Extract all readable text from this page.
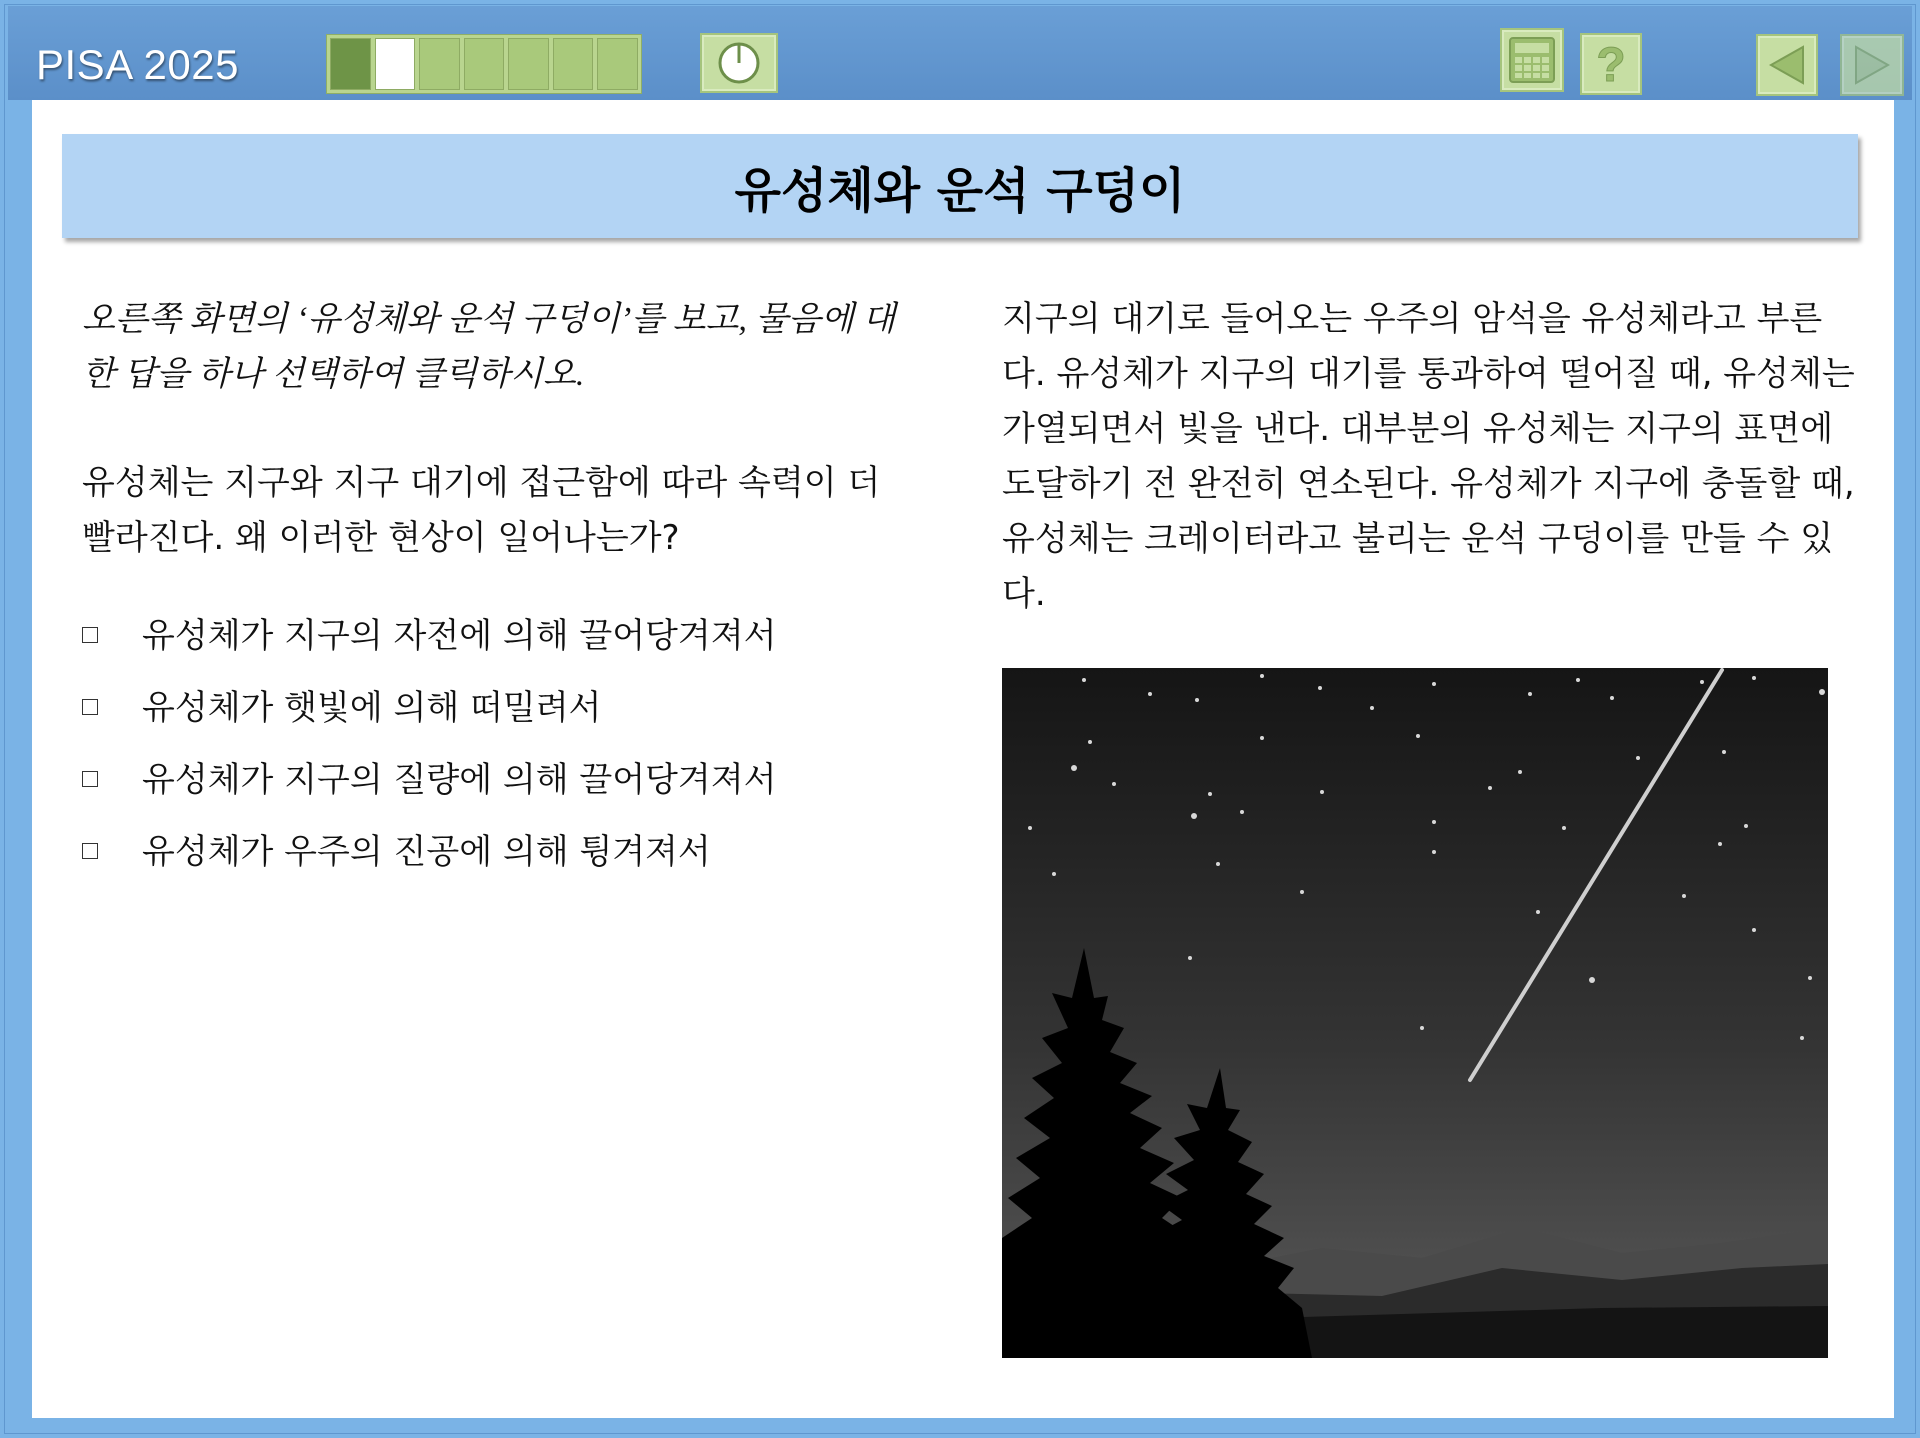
PISA 2025	?
유성체와 운석 구덩이

오른쪽 화면의 ‘유성체와 운석 구덩이’를 보고, 물음에 대한 답을 하나 선택하여 클릭하시오.

유성체는 지구와 지구 대기에 접근함에 따라 속력이 더 빨라진다. 왜 이러한 현상이 일어나는가?

유성체가 지구의 자전에 의해 끌어당겨져서
유성체가 햇빛에 의해 떠밀려서
유성체가 지구의 질량에 의해 끌어당겨져서
유성체가 우주의 진공에 의해 튕겨져서

지구의 대기로 들어오는 우주의 암석을 유성체라고 부른다. 유성체가 지구의 대기를 통과하여 떨어질 때, 유성체는 가열되면서 빛을 낸다. 대부분의 유성체는 지구의 표면에 도달하기 전 완전히 연소된다. 유성체가 지구에 충돌할 때, 유성체는 크레이터라고 불리는 운석 구덩이를 만들 수 있다.
